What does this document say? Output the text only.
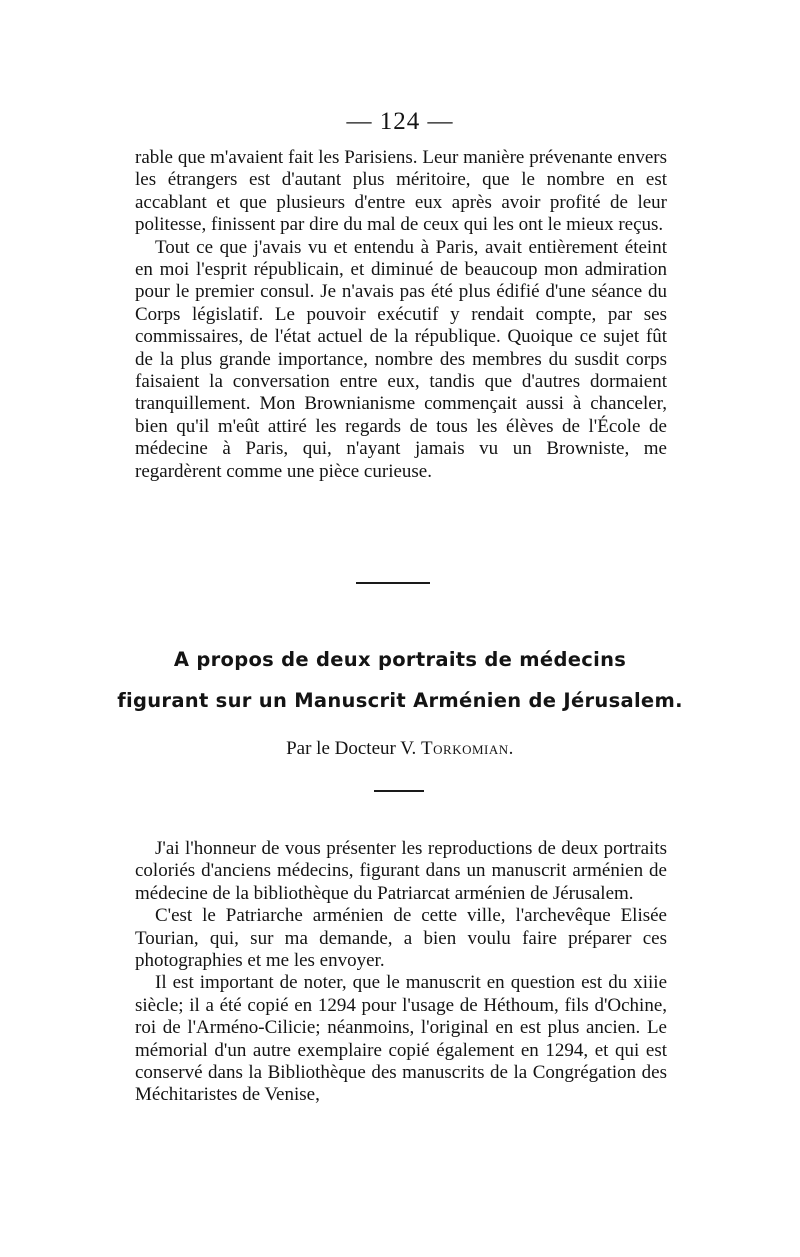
— 124 —

rable que m'avaient fait les Parisiens. Leur manière prévenante envers les étrangers est d'autant plus méritoire, que le nombre en est accablant et que plusieurs d'entre eux après avoir profité de leur politesse, finissent par dire du mal de ceux qui les ont le mieux reçus.

Tout ce que j'avais vu et entendu à Paris, avait entièrement éteint en moi l'esprit républicain, et diminué de beaucoup mon admiration pour le premier consul. Je n'avais pas été plus édifié d'une séance du Corps législatif. Le pouvoir exécutif y rendait compte, par ses commissaires, de l'état actuel de la république. Quoique ce sujet fût de la plus grande importance, nombre des membres du susdit corps faisaient la conversation entre eux, tandis que d'autres dormaient tranquillement. Mon Brownianisme commençait aussi à chanceler, bien qu'il m'eût attiré les regards de tous les élèves de l'École de médecine à Paris, qui, n'ayant jamais vu un Browniste, me regardèrent comme une pièce curieuse.

A propos de deux portraits de médecins
figurant sur un Manuscrit Arménien de Jérusalem.
Par le Docteur V. Torkomian.

J'ai l'honneur de vous présenter les reproductions de deux portraits coloriés d'anciens médecins, figurant dans un manuscrit arménien de médecine de la bibliothèque du Patriarcat arménien de Jérusalem.

C'est le Patriarche arménien de cette ville, l'archevêque Elisée Tourian, qui, sur ma demande, a bien voulu faire préparer ces photographies et me les envoyer.

Il est important de noter, que le manuscrit en question est du xiiie siècle; il a été copié en 1294 pour l'usage de Héthoum, fils d'Ochine, roi de l'Arméno-Cilicie; néanmoins, l'original en est plus ancien. Le mémorial d'un autre exemplaire copié également en 1294, et qui est conservé dans la Bibliothèque des manuscrits de la Congrégation des Méchitaristes de Venise,
